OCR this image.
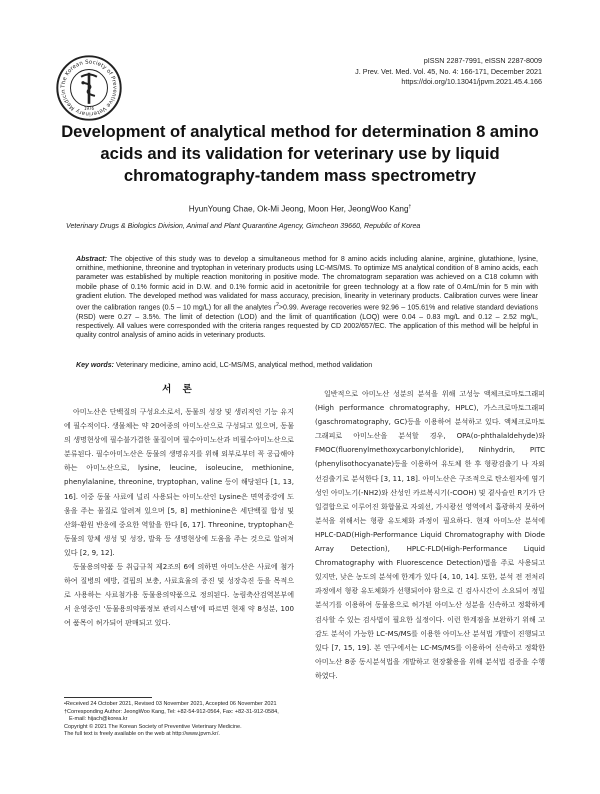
The Korean Society of Preventive Veterinary Medicin
1976
pISSN 2287-7991, eISSN 2287-8009
J. Prev. Vet. Med. Vol. 45, No. 4: 166-171, December 2021
https://doi.org/10.13041/jpvm.2021.45.4.166
Development of analytical method for determination 8 amino
acids and its validation for veterinary use by liquid
chromatography-tandem mass spectrometry
HyunYoung Chae, Ok-Mi Jeong, Moon Her, JeongWoo Kang†
Veterinary Drugs & Biologics Division, Animal and Plant Quarantine Agency, Gimcheon 39660, Republic of Korea
Abstract: The objective of this study was to develop a simultaneous method for 8 amino acids including alanine, arginine, glutathione, lysine, ornithine, methionine, threonine and tryptophan in veterinary products using LC-MS/MS. To optimize MS analytical condition of 8 amino acids, each parameter was established by multiple reaction monitoring in positive mode. The chromatogram separation was achieved on a C18 column with mobile phase of 0.1% formic acid in D.W. and 0.1% formic acid in acetonitrile for green technology at a flow rate of 0.4mL/min for 5 min with gradient elution. The developed method was validated for mass accuracy, precision, linearity in veterinary products. Calibration curves were linear over the calibration ranges (0.5 – 10 mg/L) for all the analytes $r^2>0.99$. Average recoveries were 92.96 – 105.61% and relative standard deviations (RSD) were 0.27 – 3.5%. The limit of detection (LOD) and the limit of quantification (LOQ) were 0.04 – 0.83 mg/L and 0.12 – 2.52 mg/L, respectively. All values were corresponded with the criteria ranges requested by CD 2002/657/EC. The application of this method will be helpful in quality control analysis of amino acids in veterinary products.
Key words: Veterinary medicine, amino acid, LC-MS/MS, analytical method, method validation
서 론

아미노산은 단백질의 구성요소로서, 동물의 성장 및 생리적인 기능 유지에 필수적이다. 생물체는 약 20여종의 아미노산으로 구성되고 있으며, 동물의 생명현상에 필수불가결한 물질이며 필수아미노산과 비필수아미노산으로 분류된다. 필수아미노산은 동물의 생명유지를 위해 외부로부터 꼭 공급해야 하는 아미노산으로, lysine, leucine, isoleucine, methionine, phenylalanine, threonine, tryptophan, valine 등이 해당된다 [1, 13, 16]. 이중 동물 사료에 널리 사용되는 아미노산인 Lysine은 면역증강에 도움을 주는 물질로 알려져 있으며 [5, 8] methionine은 세단백질 합성 및 산화-환원 반응에 중요한 역할을 한다 [6, 17]. Threonine, tryptophan은 동물의 항체 생성 및 성장, 발육 등 생명현상에 도움을 주는 것으로 알려져 있다 [2, 9, 12].

동물용의약품 등 취급규칙 제2조의 6에 의하면 아미노산은 사료에 첨가하여 질병의 예방, 결핍의 보충, 사료효율의 증진 및 성장촉진 등을 목적으로 사용하는 사료첨가용 동물용의약품으로 정의된다. 농림축산검역본부에서 운영중인 '동물용의약품정보 관리시스템'에 따르면 현재 약 8성분, 100여 품목이 허가되어 판매되고 있다.

일반적으로 아미노산 성분의 분석을 위해 고성능 액체크로마토그래피(High performance chromatography, HPLC), 가스크로마토그래피(gaschromatography, GC)등을 이용하여 분석하고 있다. 액체크로마토그래피로 아미노산을 분석할 경우, OPA(o-phthalaldehyde)와 FMOC(fluorenylmethoxycarbonylchloride), Ninhydrin, PITC (phenylisothocyanate)등을 이용하여 유도체 한 후 형광검출기 나 자외선검출기로 분석한다 [3, 11, 18]. 아미노산은 구조적으로 탄소원자에 염기성인 아미노기(-NH2)와 산성인 카르복시기(-COOH) 및 곁사슬인 R기가 단일결합으로 이루어진 화합물로 자외선, 가시광선 영역에서 흡광하지 못하여 분석을 위해서는 형광 유도체화 과정이 필요하다. 현재 아미노산 분석에 HPLC-DAD(High-Performance Liquid Chromatography with Diode Array Detection), HPLC-FLD(High-Performance Liquid Chromatography with Fluorescence Detection)법을 주로 사용되고 있지만, 낮은 농도의 분석에 한계가 있다 [4, 10, 14]. 또한, 분석 전 전처리 과정에서 형광 유도체화가 선행되어야 함으로 긴 검사시간이 소요되어 정밀분석기를 이용하여 동물용으로 허가된 아미노산 성분을 신속하고 정확하게 검사할 수 있는 검사법이 필요한 실정이다. 이런 한계점을 보완하기 위해 고감도 분석이 가능한 LC-MS/MS를 이용한 아미노산 분석법 개발이 진행되고 있다 [7, 15, 19]. 본 연구에서는 LC-MS/MS를 이용하여 신속하고 정확한 아미노산 8종 동시분석법을 개발하고 현장활용을 위해 분석법 검증을 수행하였다.

•Received 24 October 2021, Revised 03 November 2021, Accepted 06 November 2021
†Corresponding Author: JeongWoo Kang, Tel: +82-54-912-0564, Fax: +82-31-912-0584,
E-mail: hijach@korea.kr
Copyright © 2021 The Korean Society of Preventive Veterinary Medicine.
The full text is freely available on the web at http://www.jpvm.kr/.
